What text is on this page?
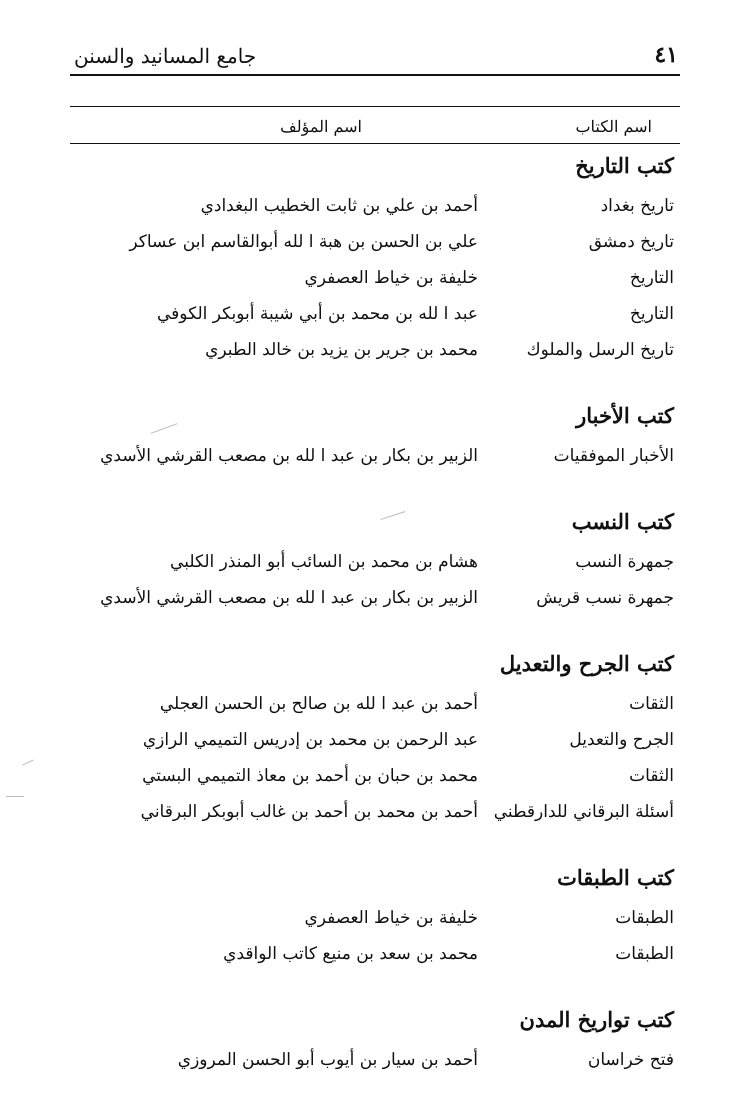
٤١
جامع المسانيد والسنن
اسم الكتاب
اسم المؤلف
كتب التاريخ
تاريخ بغداد
أحمد بن علي بن ثابت الخطيب البغدادي
تاريخ دمشق
علي بن الحسن بن هبة ا لله أبوالقاسم ابن عساكر
التاريخ
خليفة بن خياط العصفري
التاريخ
عبد ا لله بن محمد بن أبي شيبة أبوبكر الكوفي
تاريخ الرسل والملوك
محمد بن جرير بن يزيد بن خالد الطبري
كتب الأخبار
الأخبار الموفقيات
الزبير بن بكار بن عبد ا لله بن مصعب القرشي الأسدي
كتب النسب
جمهرة النسب
هشام بن محمد بن السائب أبو المنذر الكلبي
جمهرة نسب قريش
الزبير بن بكار بن عبد ا لله بن مصعب القرشي الأسدي
كتب الجرح والتعديل
الثقات
أحمد بن عبد ا لله بن صالح بن الحسن العجلي
الجرح والتعديل
عبد الرحمن بن محمد بن إدريس التميمي الرازي
الثقات
محمد بن حبان بن أحمد بن معاذ التميمي البستي
أسئلة البرقاني للدارقطني
أحمد بن محمد بن أحمد بن غالب أبوبكر البرقاني
كتب الطبقات
الطبقات
خليفة بن خياط العصفري
الطبقات
محمد بن سعد بن منيع كاتب الواقدي
كتب تواريخ المدن
فتح خراسان
أحمد بن سيار بن أيوب أبو الحسن المروزي
